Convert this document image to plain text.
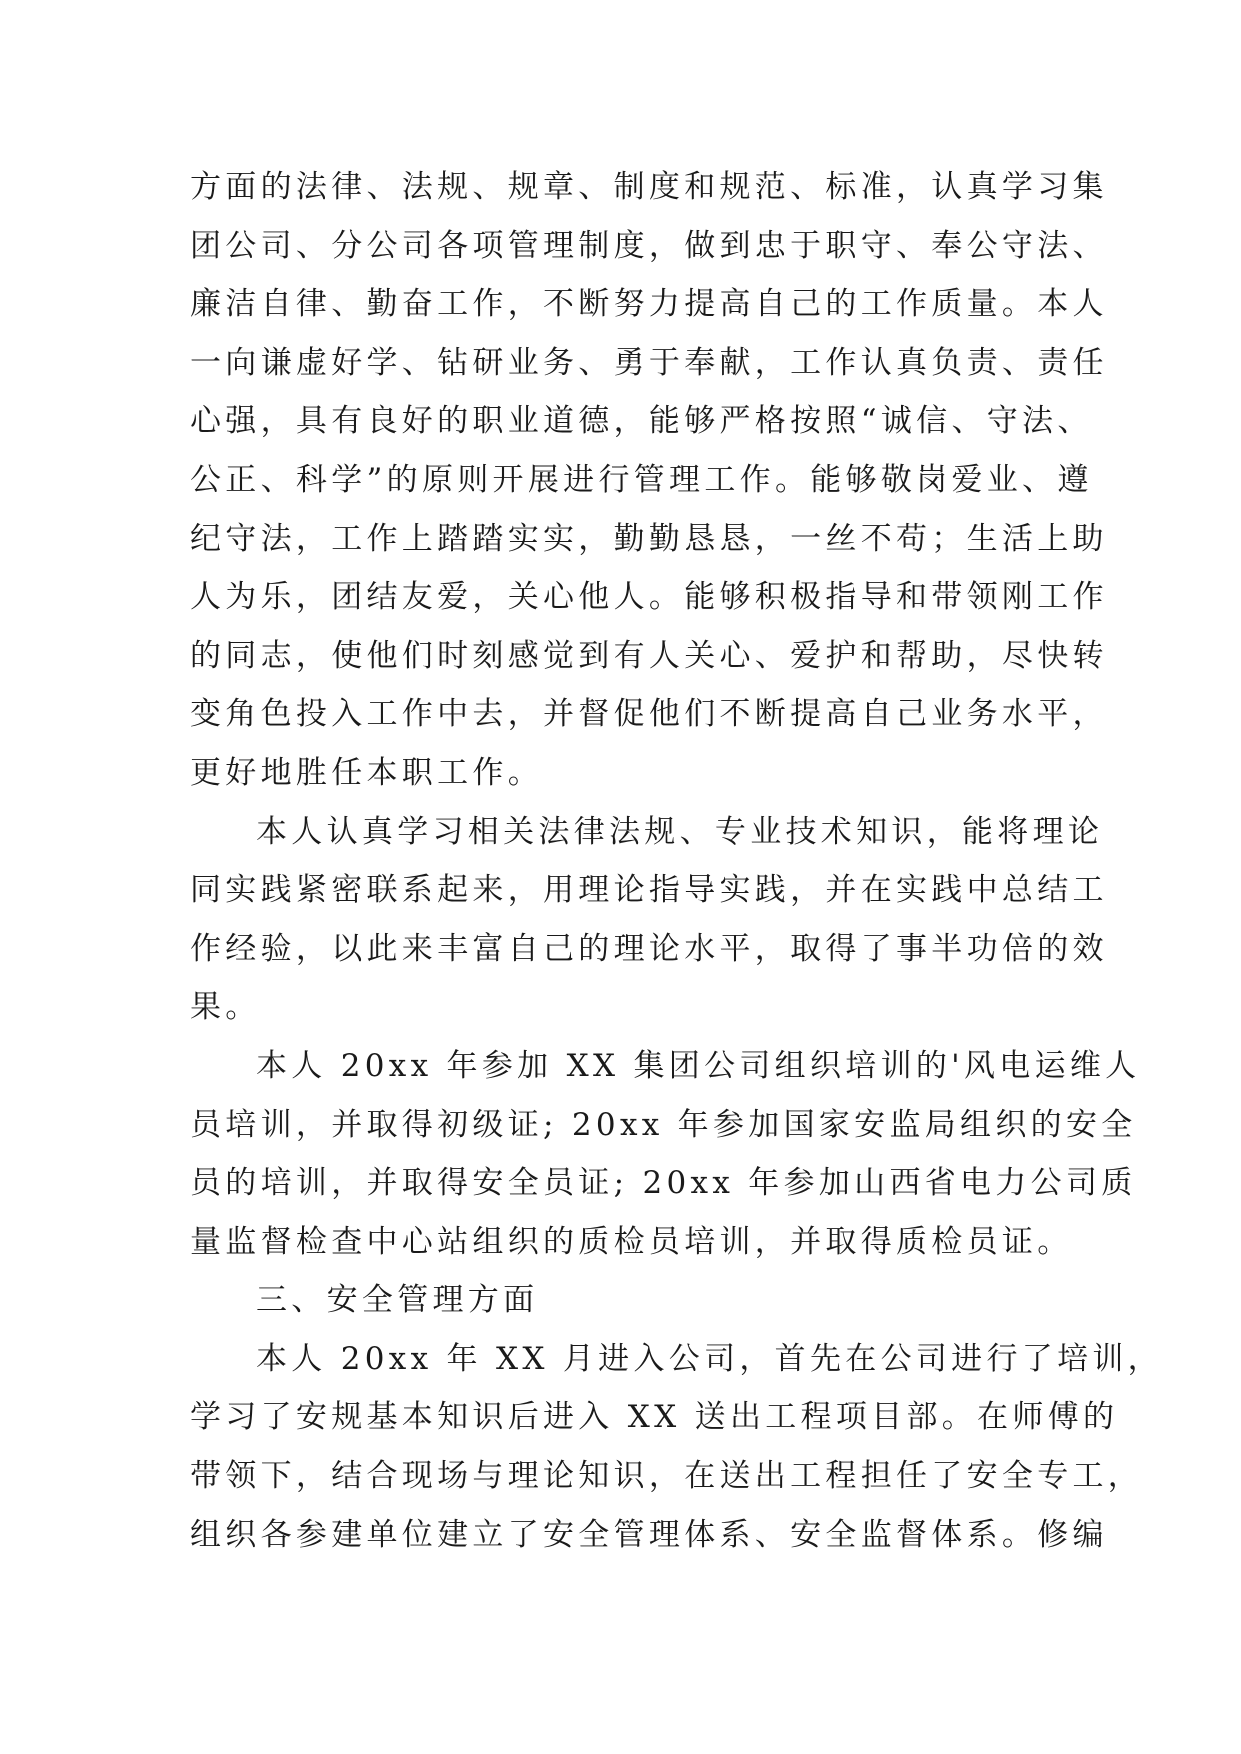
方面的法律、法规、规章、制度和规范、标准，认真学习集
团公司、分公司各项管理制度，做到忠于职守、奉公守法、
廉洁自律、勤奋工作，不断努力提高自己的工作质量。本人
一向谦虚好学、钻研业务、勇于奉献，工作认真负责、责任
心强，具有良好的职业道德，能够严格按照“诚信、守法、
公正、科学”的原则开展进行管理工作。能够敬岗爱业、遵
纪守法，工作上踏踏实实，勤勤恳恳，一丝不苟；生活上助
人为乐，团结友爱，关心他人。能够积极指导和带领刚工作
的同志，使他们时刻感觉到有人关心、爱护和帮助，尽快转
变角色投入工作中去，并督促他们不断提高自己业务水平，
更好地胜任本职工作。
本人认真学习相关法律法规、专业技术知识，能将理论
同实践紧密联系起来，用理论指导实践，并在实践中总结工
作经验，以此来丰富自己的理论水平，取得了事半功倍的效
果。
本人 20xx 年参加 XX 集团公司组织培训的'风电运维人
员培训，并取得初级证; 20xx 年参加国家安监局组织的安全
员的培训，并取得安全员证; 20xx 年参加山西省电力公司质
量监督检查中心站组织的质检员培训，并取得质检员证。
三、安全管理方面
本人 20xx 年 XX 月进入公司，首先在公司进行了培训，
学习了安规基本知识后进入 XX 送出工程项目部。在师傅的
带领下，结合现场与理论知识，在送出工程担任了安全专工，
组织各参建单位建立了安全管理体系、安全监督体系。修编
